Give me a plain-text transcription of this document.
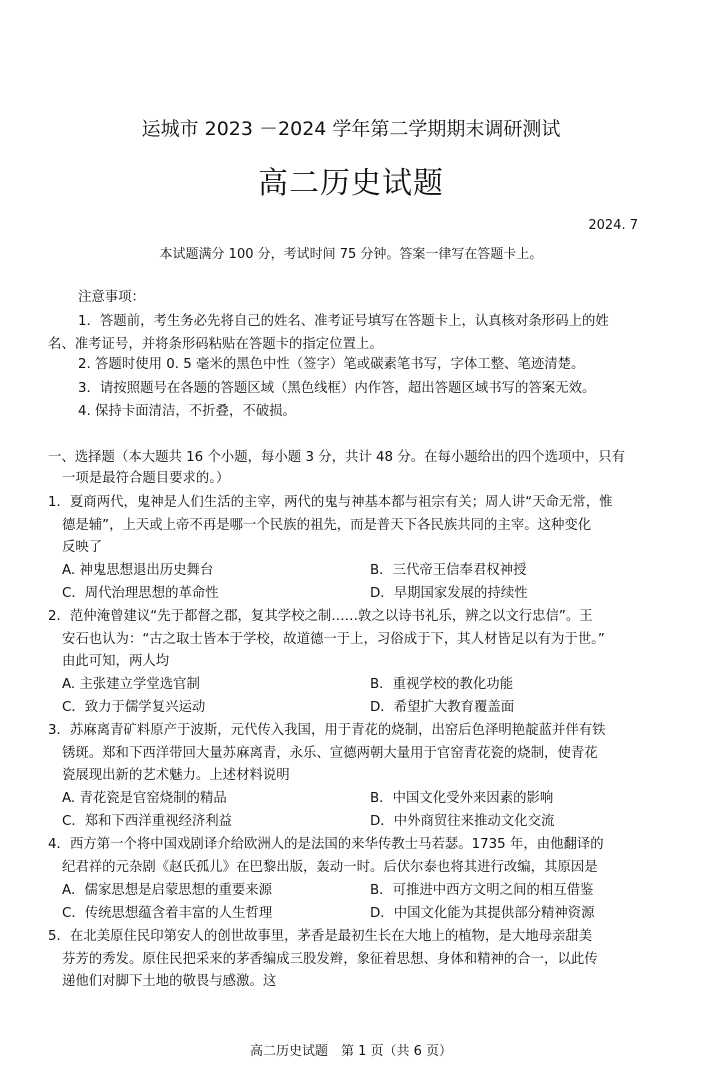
运城市 2023 －2024 学年第二学期期末调研测试
高二历史试题
2024. 7
本试题满分 100 分，考试时间 75 分钟。答案一律写在答题卡上。
注意事项：
1．答题前，考生务必先将自己的姓名、准考证号填写在答题卡上，认真核对条形码上的姓
名、准考证号，并将条形码粘贴在答题卡的指定位置上。
2. 答题时使用 0. 5 毫米的黑色中性（签字）笔或碳素笔书写，字体工整、笔迹清楚。
3．请按照题号在各题的答题区域（黑色线框）内作答，超出答题区域书写的答案无效。
4. 保持卡面清洁，不折叠，不破损。
一、选择题（本大题共 16 个小题，每小题 3 分，共计 48 分。在每小题给出的四个选项中，只有
一项是最符合题目要求的。）
1．夏商两代，鬼神是人们生活的主宰，两代的鬼与神基本都与祖宗有关；周人讲“天命无常，惟
德是辅”，上天或上帝不再是哪一个民族的祖先，而是普天下各民族共同的主宰。这种变化
反映了
A. 神鬼思想退出历史舞台	B．三代帝王信奉君权神授
C．周代治理思想的革命性	D．早期国家发展的持续性
2．范仲淹曾建议“先于都督之郡，复其学校之制……敦之以诗书礼乐，辨之以文行忠信”。王
安石也认为：“古之取士皆本于学校，故道德一于上，习俗成于下，其人材皆足以有为于世。”
由此可知，两人均
A. 主张建立学堂选官制	B．重视学校的教化功能
C．致力于儒学复兴运动	D．希望扩大教育覆盖面
3．苏麻离青矿料原产于波斯，元代传入我国，用于青花的烧制，出窑后色泽明艳靛蓝并伴有铁
锈斑。郑和下西洋带回大量苏麻离青，永乐、宣德两朝大量用于官窑青花瓷的烧制，使青花
瓷展现出新的艺术魅力。上述材料说明
A. 青花瓷是官窑烧制的精品	B．中国文化受外来因素的影响
C．郑和下西洋重视经济利益	D．中外商贸往来推动文化交流
4．西方第一个将中国戏剧译介给欧洲人的是法国的来华传教士马若瑟。1735 年，由他翻译的
纪君祥的元杂剧《赵氏孤儿》在巴黎出版，轰动一时。后伏尔泰也将其进行改编，其原因是
A．儒家思想是启蒙思想的重要来源	B．可推进中西方文明之间的相互借鉴
C．传统思想蕴含着丰富的人生哲理	D．中国文化能为其提供部分精神资源
5．在北美原住民印第安人的创世故事里，茅香是最初生长在大地上的植物，是大地母亲甜美
芬芳的秀发。原住民把采来的茅香编成三股发辫，象征着思想、身体和精神的合一，以此传
递他们对脚下土地的敬畏与感激。这
高二历史试题　第 1 页（共 6 页）
